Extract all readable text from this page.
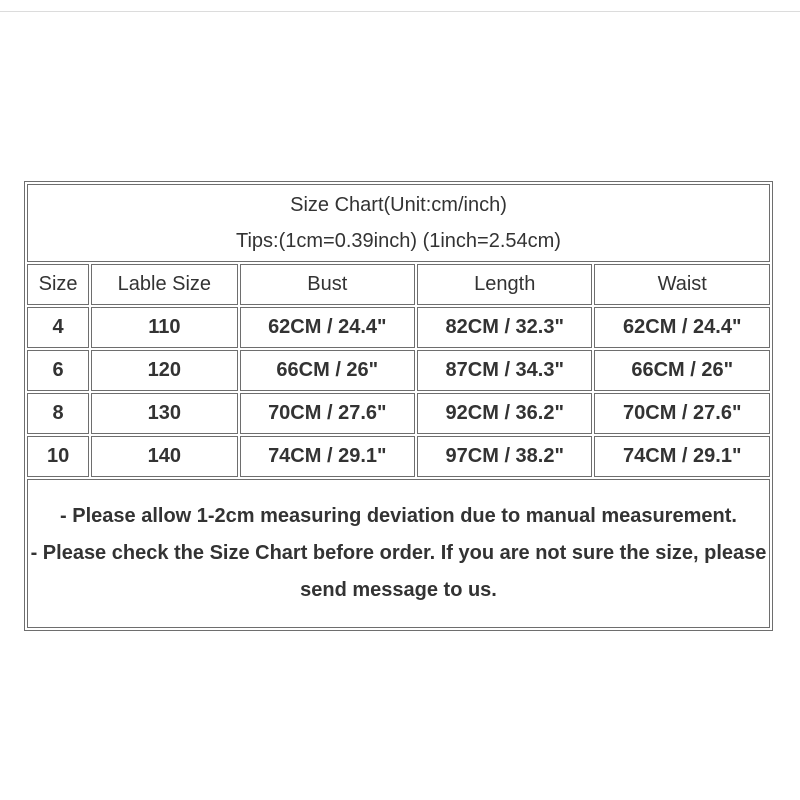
Size Chart(Unit:cm/inch)
Tips:(1cm=0.39inch) (1inch=2.54cm)				

Size	Lable Size	Bust	Length	Waist
4	110	62CM / 24.4"	82CM / 32.3"	62CM / 24.4"
6	120	66CM / 26"	87CM / 34.3"	66CM / 26"
8	130	70CM / 27.6"	92CM / 36.2"	70CM / 27.6"
10	140	74CM / 29.1"	97CM / 38.2"	74CM / 29.1"

- Please allow 1-2cm measuring deviation due to manual measurement.
- Please check the Size Chart before order. If you are not sure the size, please send message to us.				
